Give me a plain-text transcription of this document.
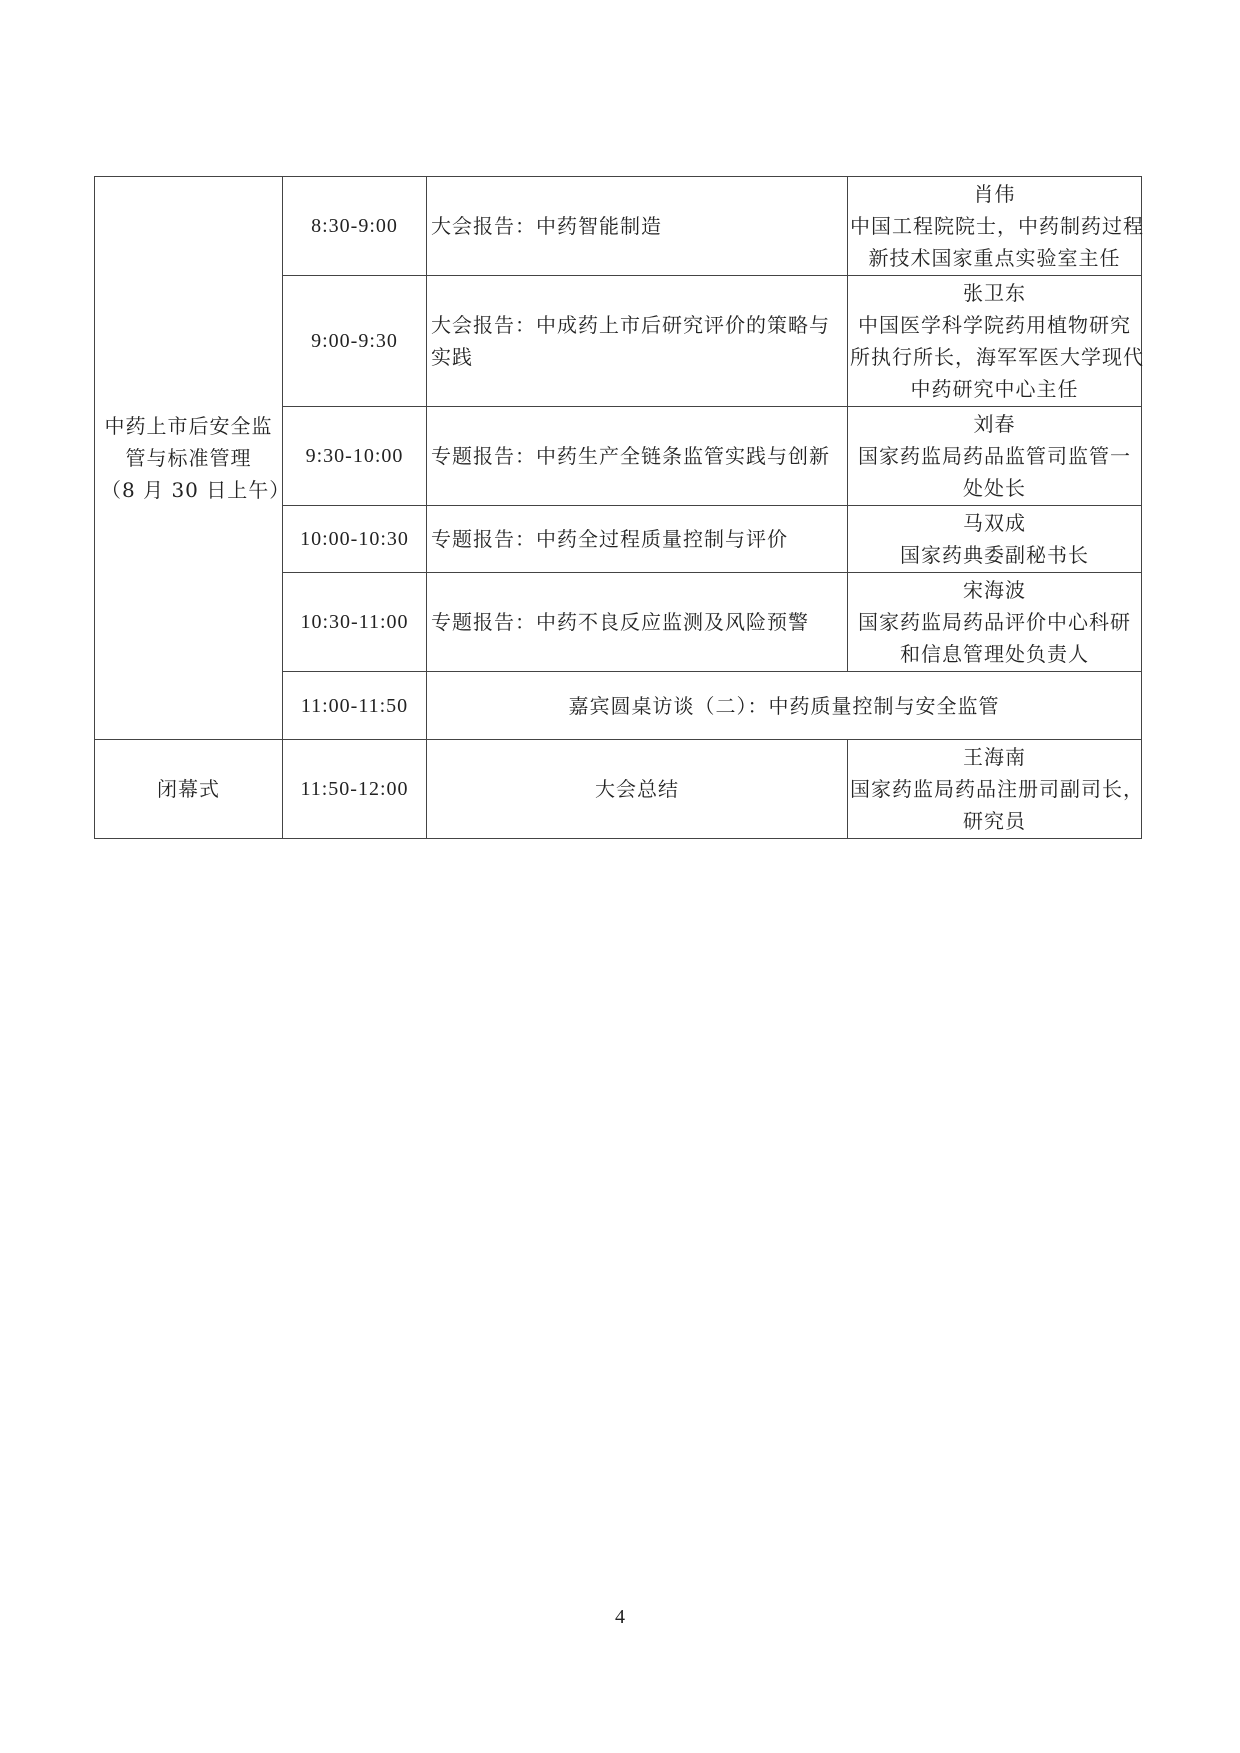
中药上市后安全监
管与标准管理
（8 月 30 日上午）	8:30-9:00	大会报告：中药智能制造	肖伟
中国工程院院士，中药制药过程
新技术国家重点实验室主任

	9:00-9:30	大会报告：中成药上市后研究评价的策略与
实践	张卫东
中国医学科学院药用植物研究
所执行所长，海军军医大学现代
中药研究中心主任

	9:30-10:00	专题报告：中药生产全链条监管实践与创新	刘春
国家药监局药品监管司监管一
处处长

	10:00-10:30	专题报告：中药全过程质量控制与评价	马双成
国家药典委副秘书长

	10:30-11:00	专题报告：中药不良反应监测及风险预警	宋海波
国家药监局药品评价中心科研
和信息管理处负责人

	11:00-11:50	嘉宾圆桌访谈（二）：中药质量控制与安全监管	
闭幕式	11:50-12:00	大会总结	王海南
国家药监局药品注册司副司长，
研究员
4
